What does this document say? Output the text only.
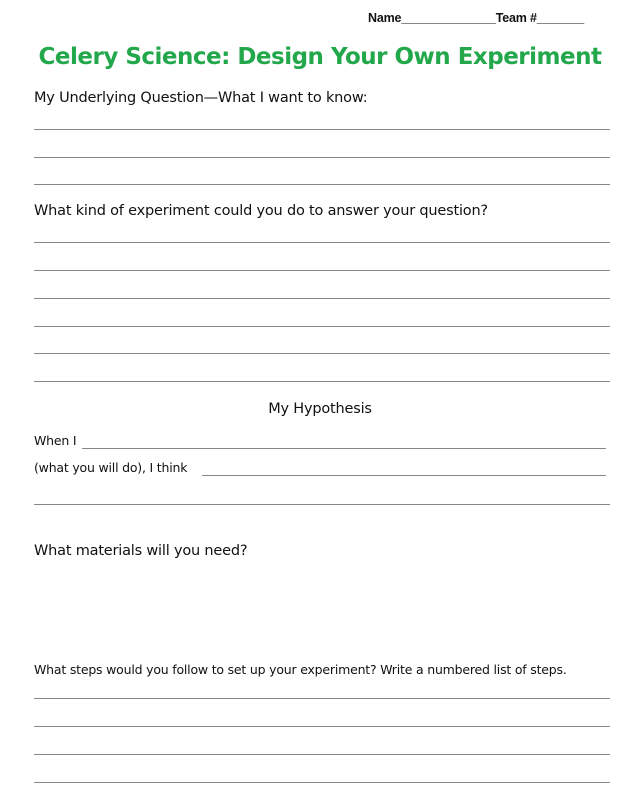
Name______________Team #_______
Celery Science: Design Your Own Experiment
My Underlying Question—What I want to know:
What kind of experiment could you do to answer your question?
My Hypothesis
When I
(what you will do), I think
What materials will you need?
What steps would you follow to set up your experiment? Write a numbered list of steps.
